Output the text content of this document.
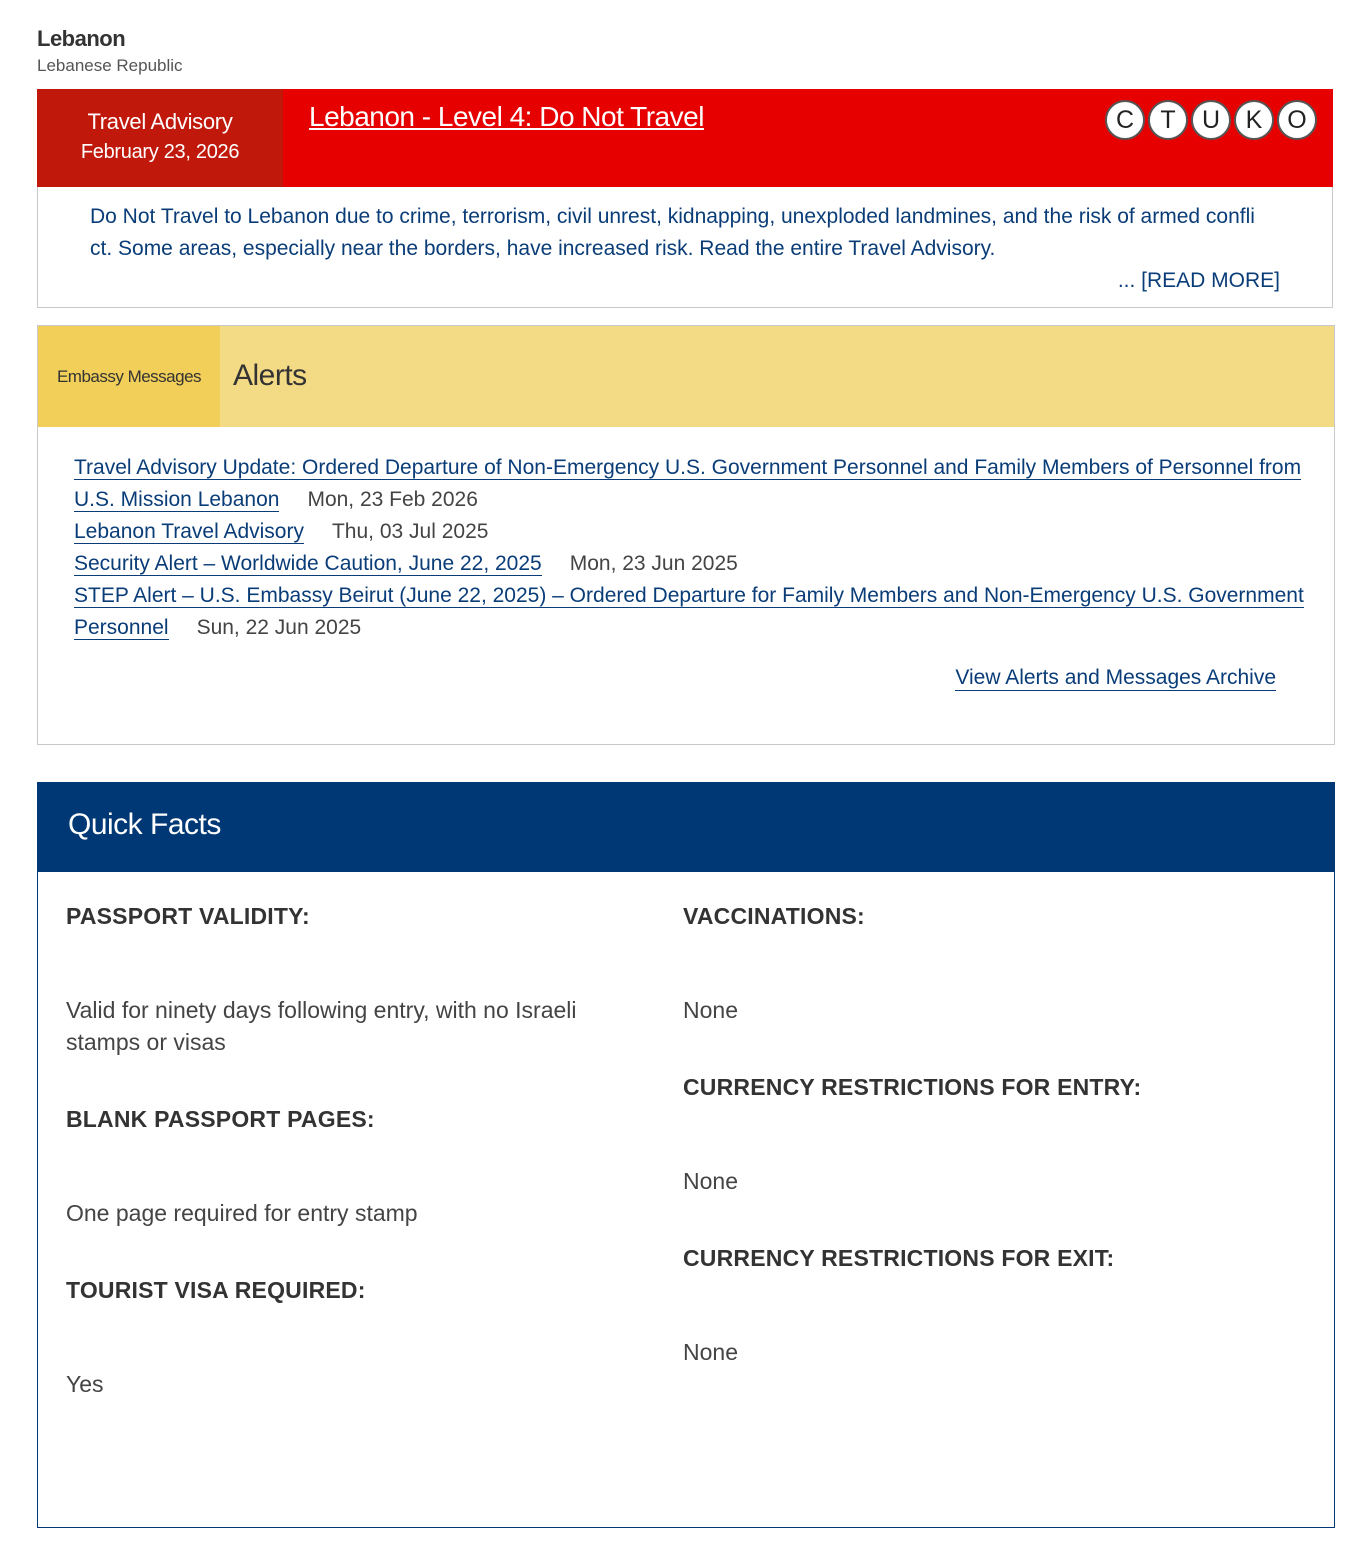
Lebanon
Lebanese Republic
Travel Advisory
February 23, 2026
Lebanon - Level 4: Do Not Travel	C	T	U	K O
Do Not Travel to Lebanon due to crime, terrorism, civil unrest, kidnapping, unexploded landmines, and the risk of armed confli
ct. Some areas, especially near the borders, have increased risk. Read the entire Travel Advisory.
... [READ MORE]
Embassy Messages	Alerts
Travel Advisory Update: Ordered Departure of Non-Emergency U.S. Government Personnel and Family Members of Personnel from U.S. Mission Lebanon Mon, 23 Feb 2026
Lebanon Travel Advisory Thu, 03 Jul 2025
Security Alert – Worldwide Caution, June 22, 2025 Mon, 23 Jun 2025
STEP Alert – U.S. Embassy Beirut (June 22, 2025) – Ordered Departure for Family Members and Non-Emergency U.S. Government Personnel Sun, 22 Jun 2025
View Alerts and Messages Archive
Quick Facts
PASSPORT VALIDITY:
Valid for ninety days following entry, with no Israeli stamps or visas
BLANK PASSPORT PAGES:
One page required for entry stamp
TOURIST VISA REQUIRED:
Yes
VACCINATIONS:
None
CURRENCY RESTRICTIONS FOR ENTRY:
None
CURRENCY RESTRICTIONS FOR EXIT:
None
